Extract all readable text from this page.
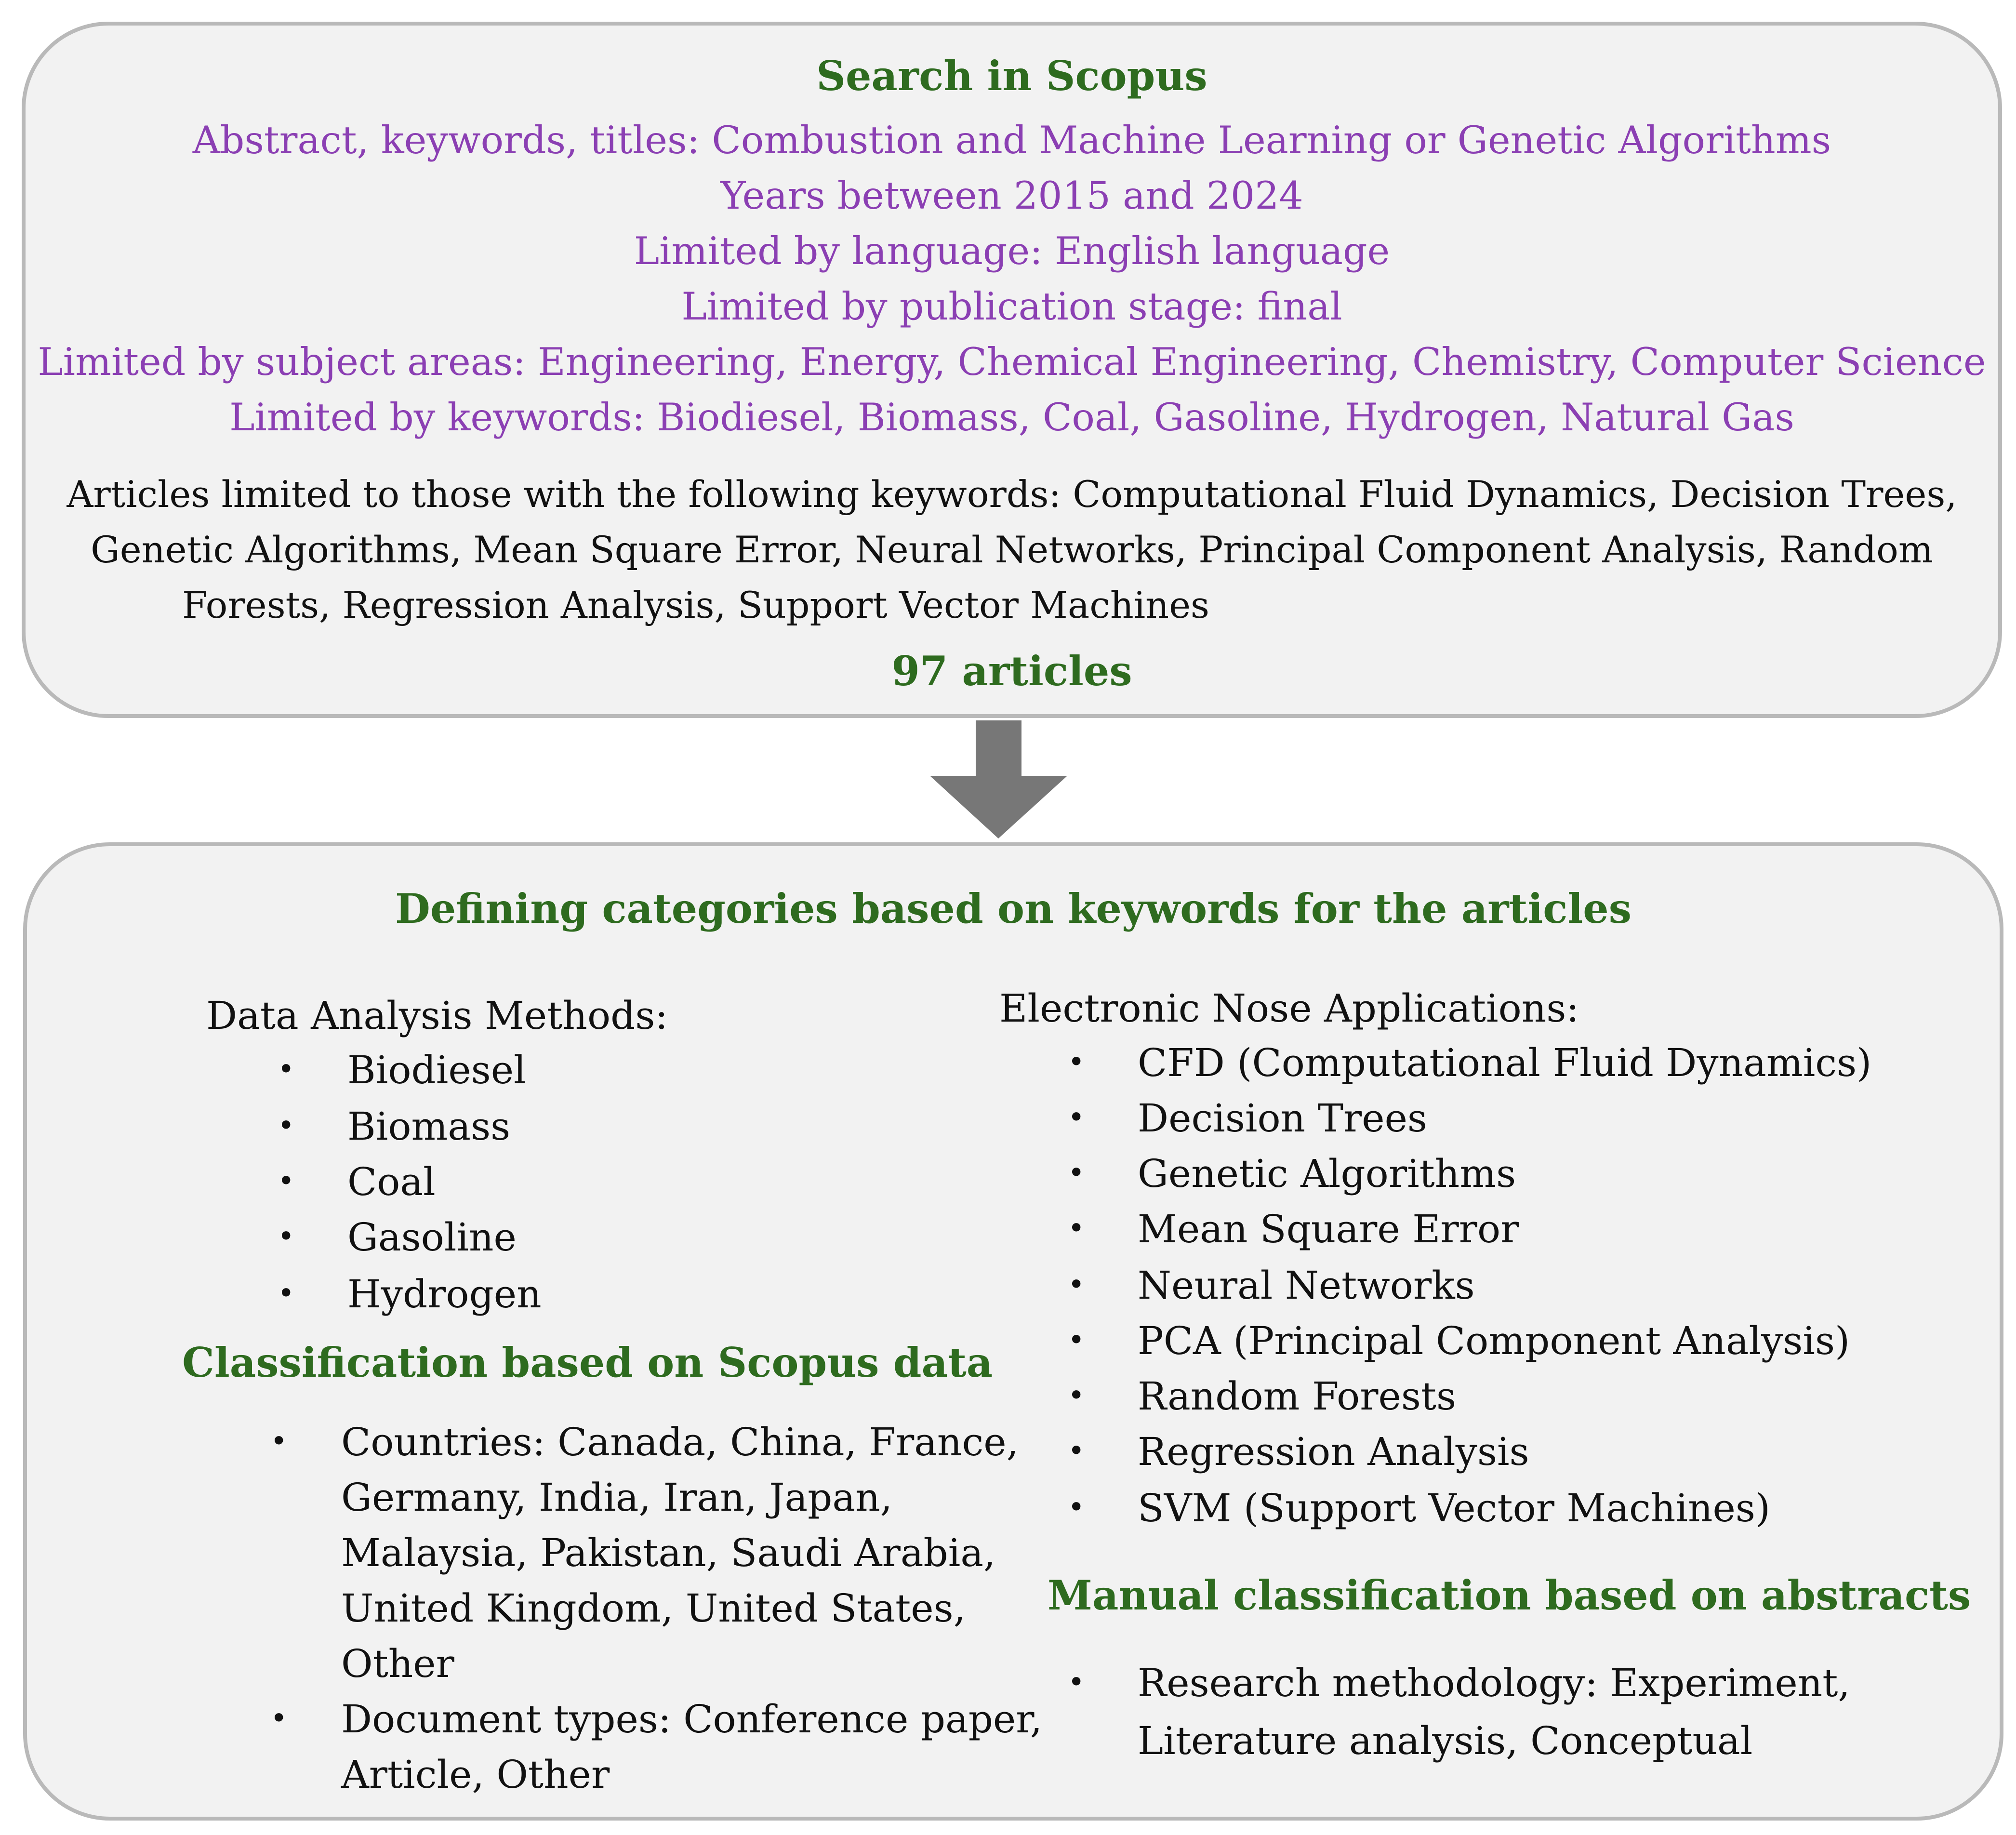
Search in Scopus
Abstract, keywords, titles: Combustion and Machine Learning or Genetic Algorithms
Years between 2015 and 2024
Limited by language: English language
Limited by publication stage: final
Limited by subject areas: Engineering, Energy, Chemical Engineering, Chemistry, Computer Science
Limited by keywords: Biodiesel, Biomass, Coal, Gasoline, Hydrogen, Natural Gas
Articles limited to those with the following keywords: Computational Fluid Dynamics, Decision Trees,
Genetic Algorithms, Mean Square Error, Neural Networks, Principal Component Analysis, Random
Forests, Regression Analysis, Support Vector Machines
97 articles
Defining categories based on keywords for the articles
Data Analysis Methods:
• Biodiesel
• Biomass
• Coal
• Gasoline
• Hydrogen
Classification based on Scopus data
• Countries: Canada, China, France,
Germany, India, Iran, Japan,
Malaysia, Pakistan, Saudi Arabia,
United Kingdom, United States,
Other
• Document types: Conference paper,
Article, Other
Electronic Nose Applications:
• CFD (Computational Fluid Dynamics)
• Decision Trees
• Genetic Algorithms
• Mean Square Error
• Neural Networks
• PCA (Principal Component Analysis)
• Random Forests
• Regression Analysis
• SVM (Support Vector Machines)
Manual classification based on abstracts
• Research methodology: Experiment,
Literature analysis, Conceptual
